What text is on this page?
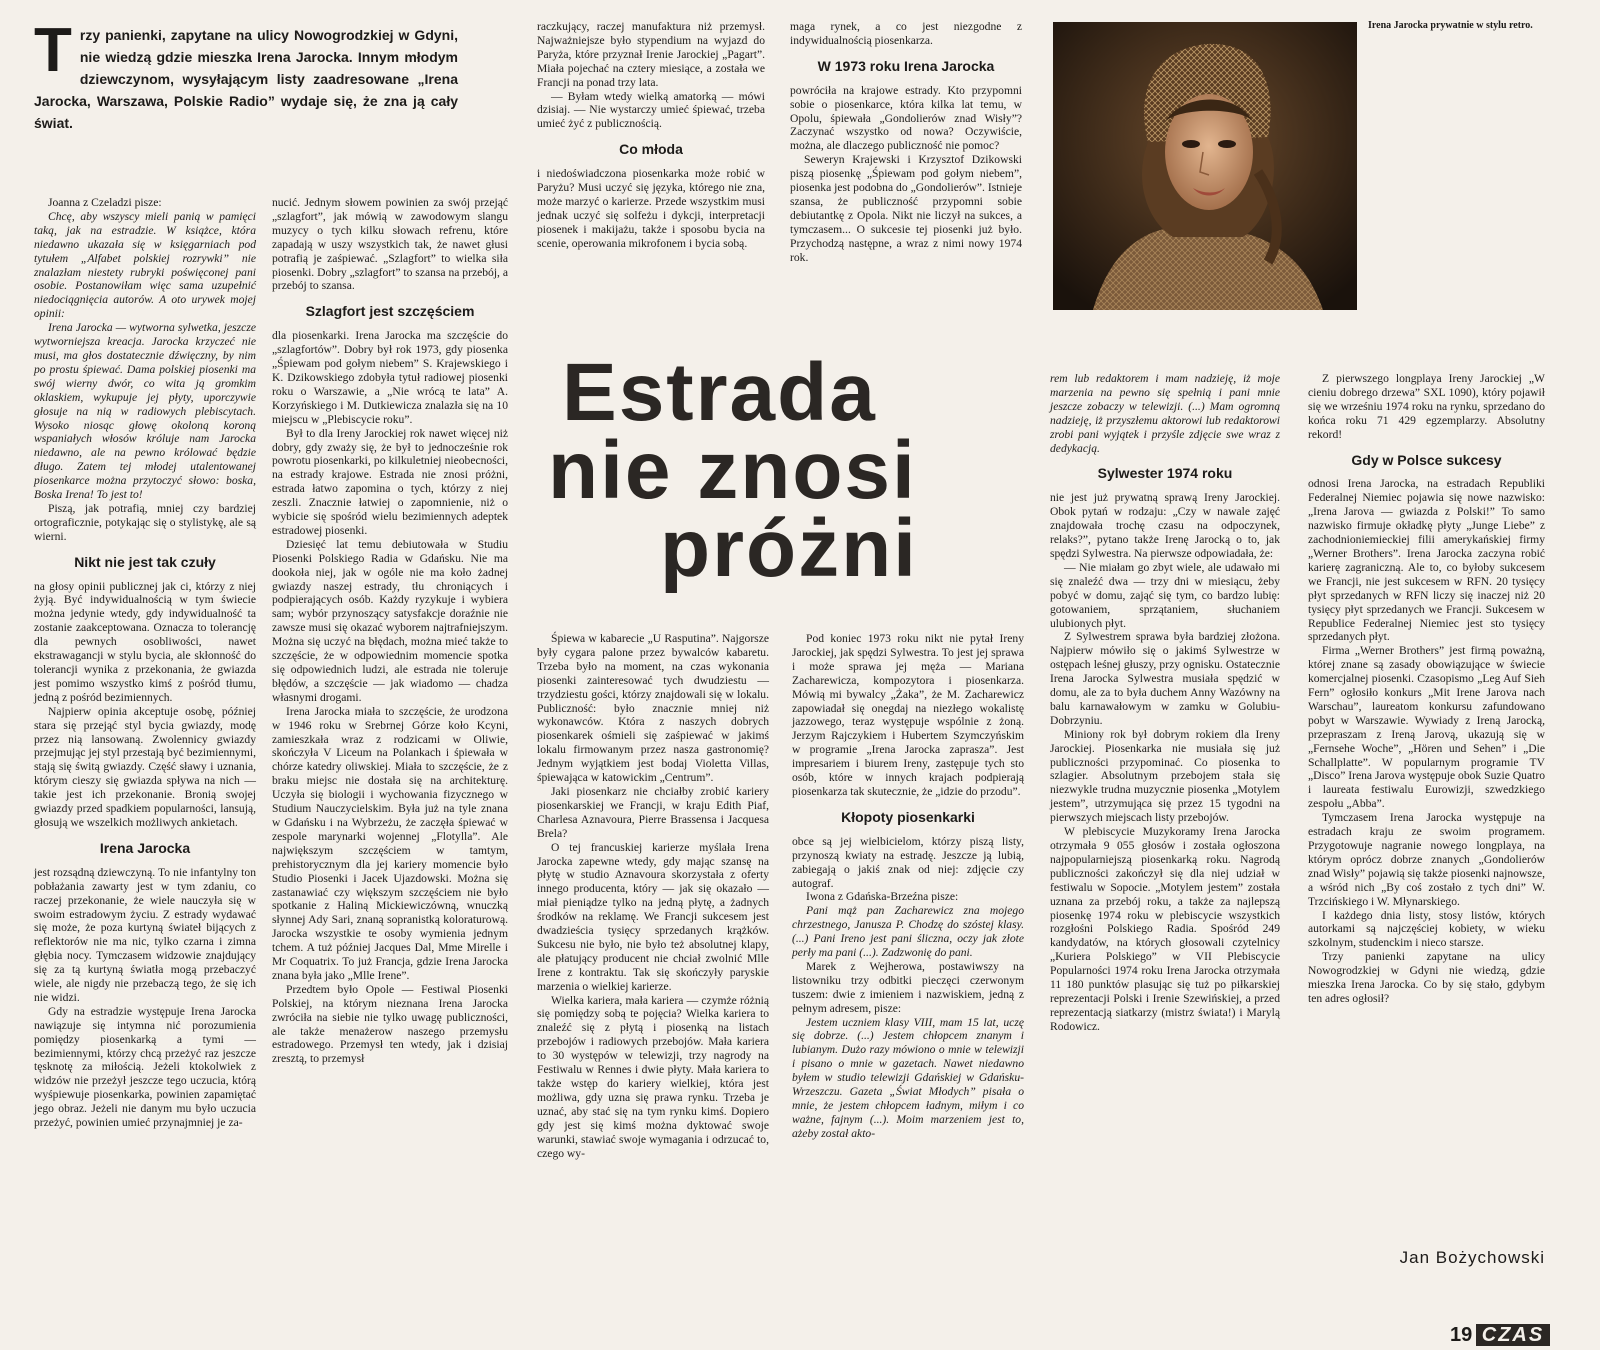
Trzy panienki, zapytane na ulicy Nowogrodzkiej w Gdyni, nie wiedzą gdzie mieszka Irena Jarocka. Innym młodym dziewczynom, wysyłającym listy zaadresowane „Irena Jarocka, Warszawa, Polskie Radio” wydaje się, że zna ją cały świat.
Irena Jarocka prywatnie w stylu retro.

Joanna z Czeladzi pisze:

Chcę, aby wszyscy mieli panią w pamięci taką, jak na estradzie. W książce, która niedawno ukazała się w księgarniach pod tytułem „Alfabet polskiej rozrywki” nie znalazłam niestety rubryki poświęconej pani osobie. Postanowiłam więc sama uzupełnić niedociągnięcia autorów. A oto urywek mojej opinii:

Irena Jarocka — wytworna sylwetka, jeszcze wytworniejsza kreacja. Jarocka krzyczeć nie musi, ma głos dostatecznie dźwięczny, by nim po prostu śpiewać. Dama polskiej piosenki ma swój wierny dwór, co wita ją gromkim oklaskiem, wykupuje jej płyty, uporczywie głosuje na nią w radiowych plebiscytach. Wysoko niosąc głowę okoloną koroną wspaniałych włosów króluje nam Jarocka niedawno, ale na pewno królować będzie długo. Zatem tej młodej utalentowanej piosenkarce można przytoczyć słowo: boska, Boska Irena! To jest to!

Piszą, jak potrafią, mniej czy bardziej ortograficznie, potykając się o stylistykę, ale są wierni.

Nikt nie jest tak czuły

na głosy opinii publicznej jak ci, którzy z niej żyją. Być indywidualnością w tym świecie można jedynie wtedy, gdy indywidualność ta zostanie zaakceptowana. Oznacza to tolerancję dla pewnych osobliwości, nawet ekstrawagancji w stylu bycia, ale skłonność do tolerancji wynika z przekonania, że gwiazda jest pomimo wszystko kimś z pośród tłumu, jedną z pośród bezimiennych.

Najpierw opinia akceptuje osobę, później stara się przejąć styl bycia gwiazdy, modę przez nią lansowaną. Zwolennicy gwiazdy przejmując jej styl przestają być bezimiennymi, stają się świtą gwiazdy. Część sławy i uznania, którym cieszy się gwiazda spływa na nich — takie jest ich przekonanie. Bronią swojej gwiazdy przed spadkiem popularności, lansują, głosują we wszelkich możliwych ankietach.

Irena Jarocka

jest rozsądną dziewczyną. To nie infantylny ton pobłażania zawarty jest w tym zdaniu, co raczej przekonanie, że wiele nauczyła się w swoim estradowym życiu. Z estrady wydawać się może, że poza kurtyną świateł bijących z reflektorów nie ma nic, tylko czarna i zimna głębia nocy. Tymczasem widzowie znajdujący się za tą kurtyną światła mogą przebaczyć wiele, ale nigdy nie przebaczą tego, że się ich nie widzi.

Gdy na estradzie występuje Irena Jarocka nawiązuje się intymna nić porozumienia pomiędzy piosenkarką a tymi — bezimiennymi, którzy chcą przeżyć raz jeszcze tęsknotę za miłością. Jeżeli ktokolwiek z widzów nie przeżył jeszcze tego uczucia, którą wyśpiewuje piosenkarka, powinien zapamiętać jego obraz. Jeżeli nie danym mu było uczucia przeżyć, powinien umieć przynajmniej je za-

nucić. Jednym słowem powinien za swój przejąć „szlagfort”, jak mówią w zawodowym slangu muzycy o tych kilku słowach refrenu, które zapadają w uszy wszystkich tak, że nawet głusi potrafią je zaśpiewać. „Szlagfort” to wielka siła piosenki. Dobry „szlagfort” to szansa na przebój, a przebój to szansa.

Szlagfort jest szczęściem

dla piosenkarki. Irena Jarocka ma szczęście do „szlagfortów”. Dobry był rok 1973, gdy piosenka „Śpiewam pod gołym niebem” S. Krajewskiego i K. Dzikowskiego zdobyła tytuł radiowej piosenki roku o Warszawie, a „Nie wrócą te lata” A. Korzyńskiego i M. Dutkiewicza znalazła się na 10 miejscu w „Plebiscycie roku”.

Był to dla Ireny Jarockiej rok nawet więcej niż dobry, gdy zważy się, że był to jednocześnie rok powrotu piosenkarki, po kilkuletniej nieobecności, na estrady krajowe. Estrada nie znosi próżni, estrada łatwo zapomina o tych, którzy z niej zeszli. Znacznie łatwiej o zapomnienie, niż o wybicie się spośród wielu bezimiennych adeptek estradowej piosenki.

Dziesięć lat temu debiutowała w Studiu Piosenki Polskiego Radia w Gdańsku. Nie ma dookoła niej, jak w ogóle nie ma koło żadnej gwiazdy naszej estrady, tłu chroniących i podpierających osób. Każdy ryzykuje i wybiera sam; wybór przynoszący satysfakcje doraźnie nie zawsze musi się okazać wyborem najtrafniejszym. Można się uczyć na błędach, można mieć także to szczęście, że w odpowiednim momencie spotka się odpowiednich ludzi, ale estrada nie toleruje błędów, a szczęście — jak wiadomo — chadza własnymi drogami.

Irena Jarocka miała to szczęście, że urodzona w 1946 roku w Srebrnej Górze koło Kcyni, zamieszkała wraz z rodzicami w Oliwie, skończyła V Liceum na Polankach i śpiewała w chórze katedry oliwskiej. Miała to szczęście, że z braku miejsc nie dostała się na architekturę. Uczyła się biologii i wychowania fizycznego w Studium Nauczycielskim. Była już na tyle znana w Gdańsku i na Wybrzeżu, że zaczęła śpiewać w zespole marynarki wojennej „Flotylla”. Ale największym szczęściem w tamtym, prehistorycznym dla jej kariery momencie było Studio Piosenki i Jacek Ujazdowski. Można się zastanawiać czy większym szczęściem nie było spotkanie z Haliną Mickiewiczówną, wnuczką słynnej Ady Sari, znaną sopranistką koloraturową. Jarocka wszystkie te osoby wymienia jednym tchem. A tuż później Jacques Dal, Mme Mirelle i Mr Coquatrix. To już Francja, gdzie Irena Jarocka znana była jako „Mlle Irene”.

Przedtem było Opole — Festiwal Piosenki Polskiej, na którym nieznana Irena Jarocka zwróciła na siebie nie tylko uwagę publiczności, ale także menażerow naszego przemysłu estradowego. Przemysł ten wtedy, jak i dzisiaj zresztą, to przemysł

raczkujący, raczej manufaktura niż przemysł. Najważniejsze było stypendium na wyjazd do Paryża, które przyznał Irenie Jarockiej „Pagart”. Miała pojechać na cztery miesiące, a została we Francji na ponad trzy lata.

— Byłam wtedy wielką amatorką — mówi dzisiaj. — Nie wystarczy umieć śpiewać, trzeba umieć żyć z publicznością.

Co młoda

i niedoświadczona piosenkarka może robić w Paryżu? Musi uczyć się języka, którego nie zna, może marzyć o karierze. Przede wszystkim musi jednak uczyć się solfeżu i dykcji, interpretacji piosenek i makijażu, także i sposobu bycia na scenie, operowania mikrofonem i bycia sobą.

maga rynek, a co jest niezgodne z indywidualnością piosenkarza.

W 1973 roku Irena Jarocka

powróciła na krajowe estrady. Kto przypomni sobie o piosenkarce, która kilka lat temu, w Opolu, śpiewała „Gondolierów znad Wisły”? Zaczynać wszystko od nowa? Oczywiście, można, ale dlaczego publiczność nie pomoc?

Seweryn Krajewski i Krzysztof Dzikowski piszą piosenkę „Śpiewam pod gołym niebem”, piosenka jest podobna do „Gondolierów”. Istnieje szansa, że publiczność przypomni sobie debiutantkę z Opola. Nikt nie liczył na sukces, a tymczasem... O sukcesie tej piosenki już było. Przychodzą następne, a wraz z nimi nowy 1974 rok.

Estrada
nie znosi
próżni

Śpiewa w kabarecie „U Rasputina”. Najgorsze były cygara palone przez bywalców kabaretu. Trzeba było na moment, na czas wykonania piosenki zainteresować tych dwudziestu — trzydziestu gości, którzy znajdowali się w lokalu. Publiczność: było znacznie mniej niż wykonawców. Która z naszych dobrych piosenkarek ośmieli się zaśpiewać w jakimś lokalu firmowanym przez nasza gastronomię? Jednym wyjątkiem jest bodaj Violetta Villas, śpiewająca w katowickim „Centrum”.

Jaki piosenkarz nie chciałby zrobić kariery piosenkarskiej we Francji, w kraju Edith Piaf, Charlesa Aznavoura, Pierre Brassensa i Jacquesa Brela?

O tej francuskiej karierze myślała Irena Jarocka zapewne wtedy, gdy mając szansę na płytę w studio Aznavoura skorzystała z oferty innego producenta, który — jak się okazało — miał pieniądze tylko na jedną płytę, a żadnych środków na reklamę. We Francji sukcesem jest dwadzieścia tysięcy sprzedanych krążków. Sukcesu nie było, nie było też absolutnej klapy, ale płatujący producent nie chciał zwolnić Mlle Irene z kontraktu. Tak się skończyły paryskie marzenia o wielkiej karierze.

Wielka kariera, mała kariera — czymże różnią się pomiędzy sobą te pojęcia? Wielka kariera to znaleźć się z płytą i piosenką na listach przebojów i radiowych przebojów. Mała kariera to 30 występów w telewizji, trzy nagrody na Festiwalu w Rennes i dwie płyty. Mała kariera to także wstęp do kariery wielkiej, która jest możliwa, gdy uzna się prawa rynku. Trzeba je uznać, aby stać się na tym rynku kimś. Dopiero gdy jest się kimś można dyktować swoje warunki, stawiać swoje wymagania i odrzucać to, czego wy-

Pod koniec 1973 roku nikt nie pytał Ireny Jarockiej, jak spędzi Sylwestra. To jest jej sprawa i może sprawa jej męża — Mariana Zacharewicza, kompozytora i piosenkarza. Mówią mi bywalcy „Żaka”, że M. Zacharewicz zapowiadał się onegdaj na niezłego wokalistę jazzowego, teraz występuje wspólnie z żoną. Jerzym Rajczykiem i Hubertem Szymczyńskim w programie „Irena Jarocka zaprasza”. Jest impresariem i biurem Ireny, zastępuje tych sto osób, które w innych krajach podpierają piosenkarza tak skutecznie, że „idzie do przodu”.

Kłopoty piosenkarki

obce są jej wielbicielom, którzy piszą listy, przynoszą kwiaty na estradę. Jeszcze ją lubią, zabiegają o jakiś znak od niej: zdjęcie czy autograf.

Iwona z Gdańska-Brzeźna pisze:

Pani mąż pan Zacharewicz zna mojego chrzestnego, Janusza P. Chodzę do szóstej klasy. (...) Pani Ireno jest pani śliczna, oczy jak złote perły ma pani (...). Zadzwonię do pani.

Marek z Wejherowa, postawiwszy na listowniku trzy odbitki pieczęci czerwonym tuszem: dwie z imieniem i nazwiskiem, jedną z pełnym adresem, pisze:

Jestem uczniem klasy VIII, mam 15 lat, uczę się dobrze. (...) Jestem chłopcem znanym i lubianym. Dużo razy mówiono o mnie w telewizji i pisano o mnie w gazetach. Nawet niedawno byłem w studio telewizji Gdańskiej w Gdańsku-Wrzeszczu. Gazeta „Świat Młodych” pisała o mnie, że jestem chłopcem ładnym, miłym i co ważne, fajnym (...). Moim marzeniem jest to, ażeby został akto-

rem lub redaktorem i mam nadzieję, iż moje marzenia na pewno się spełnią i pani mnie jeszcze zobaczy w telewizji. (...) Mam ogromną nadzieję, iż przyszłemu aktorowi lub redaktorowi zrobi pani wyjątek i przyśle zdjęcie swe wraz z dedykacją.

Sylwester 1974 roku

nie jest już prywatną sprawą Ireny Jarockiej. Obok pytań w rodzaju: „Czy w nawale zajęć znajdowała trochę czasu na odpoczynek, relaks?”, pytano także Irenę Jarocką o to, jak spędzi Sylwestra. Na pierwsze odpowiadała, że:

— Nie miałam go zbyt wiele, ale udawało mi się znaleźć dwa — trzy dni w miesiącu, żeby pobyć w domu, zająć się tym, co bardzo lubię: gotowaniem, sprzątaniem, słuchaniem ulubionych płyt.

Z Sylwestrem sprawa była bardziej złożona. Najpierw mówiło się o jakimś Sylwestrze w ostępach leśnej głuszy, przy ognisku. Ostatecznie Irena Jarocka Sylwestra musiała spędzić w domu, ale za to była duchem Anny Wazówny na balu karnawałowym w zamku w Golubiu-Dobrzyniu.

Miniony rok był dobrym rokiem dla Ireny Jarockiej. Piosenkarka nie musiała się już publiczności przypominać. Co piosenka to szlagier. Absolutnym przebojem stała się niezwykle trudna muzycznie piosenka „Motylem jestem”, utrzymująca się przez 15 tygodni na pierwszych miejscach listy przebojów.

W plebiscycie Muzykoramy Irena Jarocka otrzymała 9 055 głosów i została ogłoszona najpopularniejszą piosenkarką roku. Nagrodą publiczności zakończył się dla niej udział w festiwalu w Sopocie. „Motylem jestem” została uznana za przebój roku, a także za najlepszą piosenkę 1974 roku w plebiscycie wszystkich rozgłośni Polskiego Radia. Spośród 249 kandydatów, na których głosowali czytelnicy „Kuriera Polskiego” w VII Plebiscycie Popularności 1974 roku Irena Jarocka otrzymała 11 180 punktów plasując się tuż po piłkarskiej reprezentacji Polski i Irenie Szewińskiej, a przed reprezentacją siatkarzy (mistrz świata!) i Marylą Rodowicz.

Z pierwszego longplaya Ireny Jarockiej „W cieniu dobrego drzewa” SXL 1090), który pojawił się we wrześniu 1974 roku na rynku, sprzedano do końca roku 71 429 egzemplarzy. Absolutny rekord!

Gdy w Polsce sukcesy

odnosi Irena Jarocka, na estradach Republiki Federalnej Niemiec pojawia się nowe nazwisko: „Irena Jarova — gwiazda z Polski!” To samo nazwisko firmuje okładkę płyty „Junge Liebe” z zachodnioniemieckiej filii amerykańskiej firmy „Werner Brothers”. Irena Jarocka zaczyna robić karierę zagraniczną. Ale to, co byłoby sukcesem we Francji, nie jest sukcesem w RFN. 20 tysięcy płyt sprzedanych w RFN liczy się inaczej niż 20 tysięcy płyt sprzedanych we Francji. Sukcesem w Republice Federalnej Niemiec jest sto tysięcy sprzedanych płyt.

Firma „Werner Brothers” jest firmą poważną, której znane są zasady obowiązujące w świecie komercjalnej piosenki. Czasopismo „Leg Auf Sieh Fern” ogłosiło konkurs „Mit Irene Jarova nach Warschau”, laureatom konkursu zafundowano pobyt w Warszawie. Wywiady z Ireną Jarocką, przepraszam z Ireną Jarovą, ukazują się w „Fernsehe Woche”, „Hören und Sehen” i „Die Schallplatte”. W popularnym programie TV „Disco” Irena Jarova występuje obok Suzie Quatro i laureata festiwalu Eurowizji, szwedzkiego zespołu „Abba”.

Tymczasem Irena Jarocka występuje na estradach kraju ze swoim programem. Przygotowuje nagranie nowego longplaya, na którym oprócz dobrze znanych „Gondolierów znad Wisły” pojawią się także piosenki najnowsze, a wśród nich „By coś zostało z tych dni” W. Trzcińskiego i W. Młynarskiego.

I każdego dnia listy, stosy listów, których autorkami są najczęściej kobiety, w wieku szkolnym, studenckim i nieco starsze.

Trzy panienki zapytane na ulicy Nowogrodzkiej w Gdyni nie wiedzą, gdzie mieszka Irena Jarocka. Co by się stało, gdybym ten adres ogłosił?

Jan Bożychowski
19 CZAS
